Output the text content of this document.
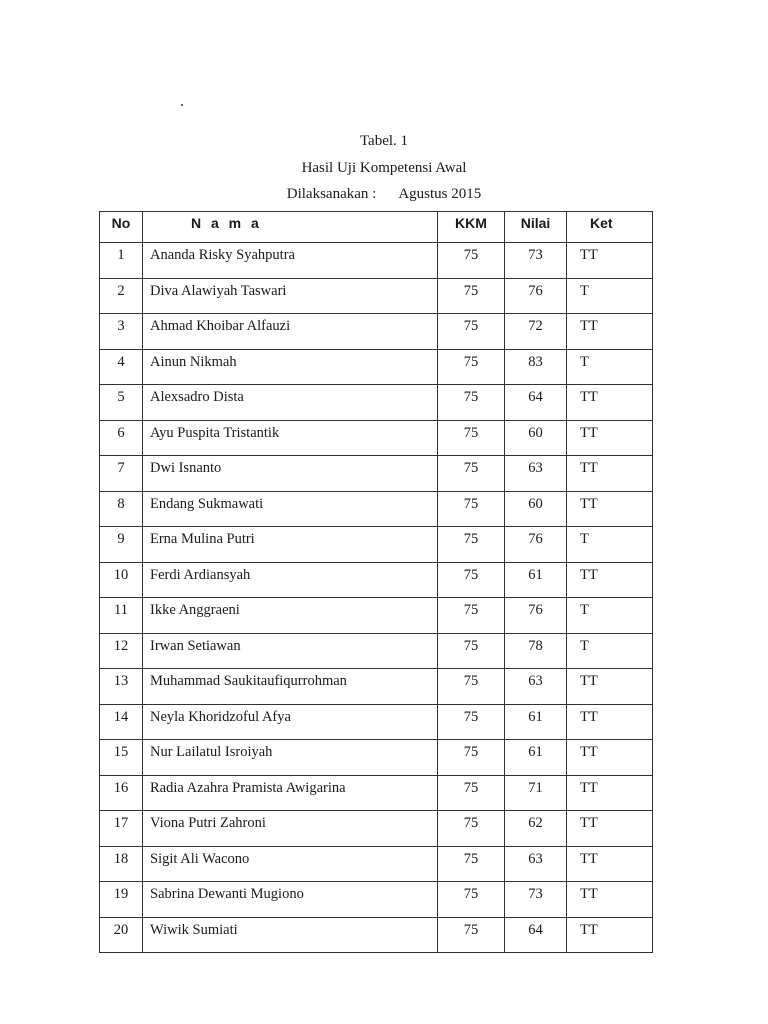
Tabel. 1
Hasil Uji Kompetensi Awal
Dilaksanakan : Agustus 2015
No	N a m a	KKM	Nilai	Ket
1	Ananda Risky Syahputra	75	73	TT
2	Diva Alawiyah Taswari	75	76	T
3	Ahmad Khoibar Alfauzi	75	72	TT
4	Ainun Nikmah	75	83	T
5	Alexsadro Dista	75	64	TT
6	Ayu Puspita Tristantik	75	60	TT
7	Dwi Isnanto	75	63	TT
8	Endang Sukmawati	75	60	TT
9	Erna Mulina Putri	75	76	T
10	Ferdi Ardiansyah	75	61	TT
11	Ikke Anggraeni	75	76	T
12	Irwan Setiawan	75	78	T
13	Muhammad Saukitaufiqurrohman	75	63	TT
14	Neyla Khoridzoful Afya	75	61	TT
15	Nur Lailatul Isroiyah	75	61	TT
16	Radia Azahra Pramista Awigarina	75	71	TT
17	Viona Putri Zahroni	75	62	TT
18	Sigit Ali Wacono	75	63	TT
19	Sabrina Dewanti Mugiono	75	73	TT
20	Wiwik Sumiati	75	64	TT
